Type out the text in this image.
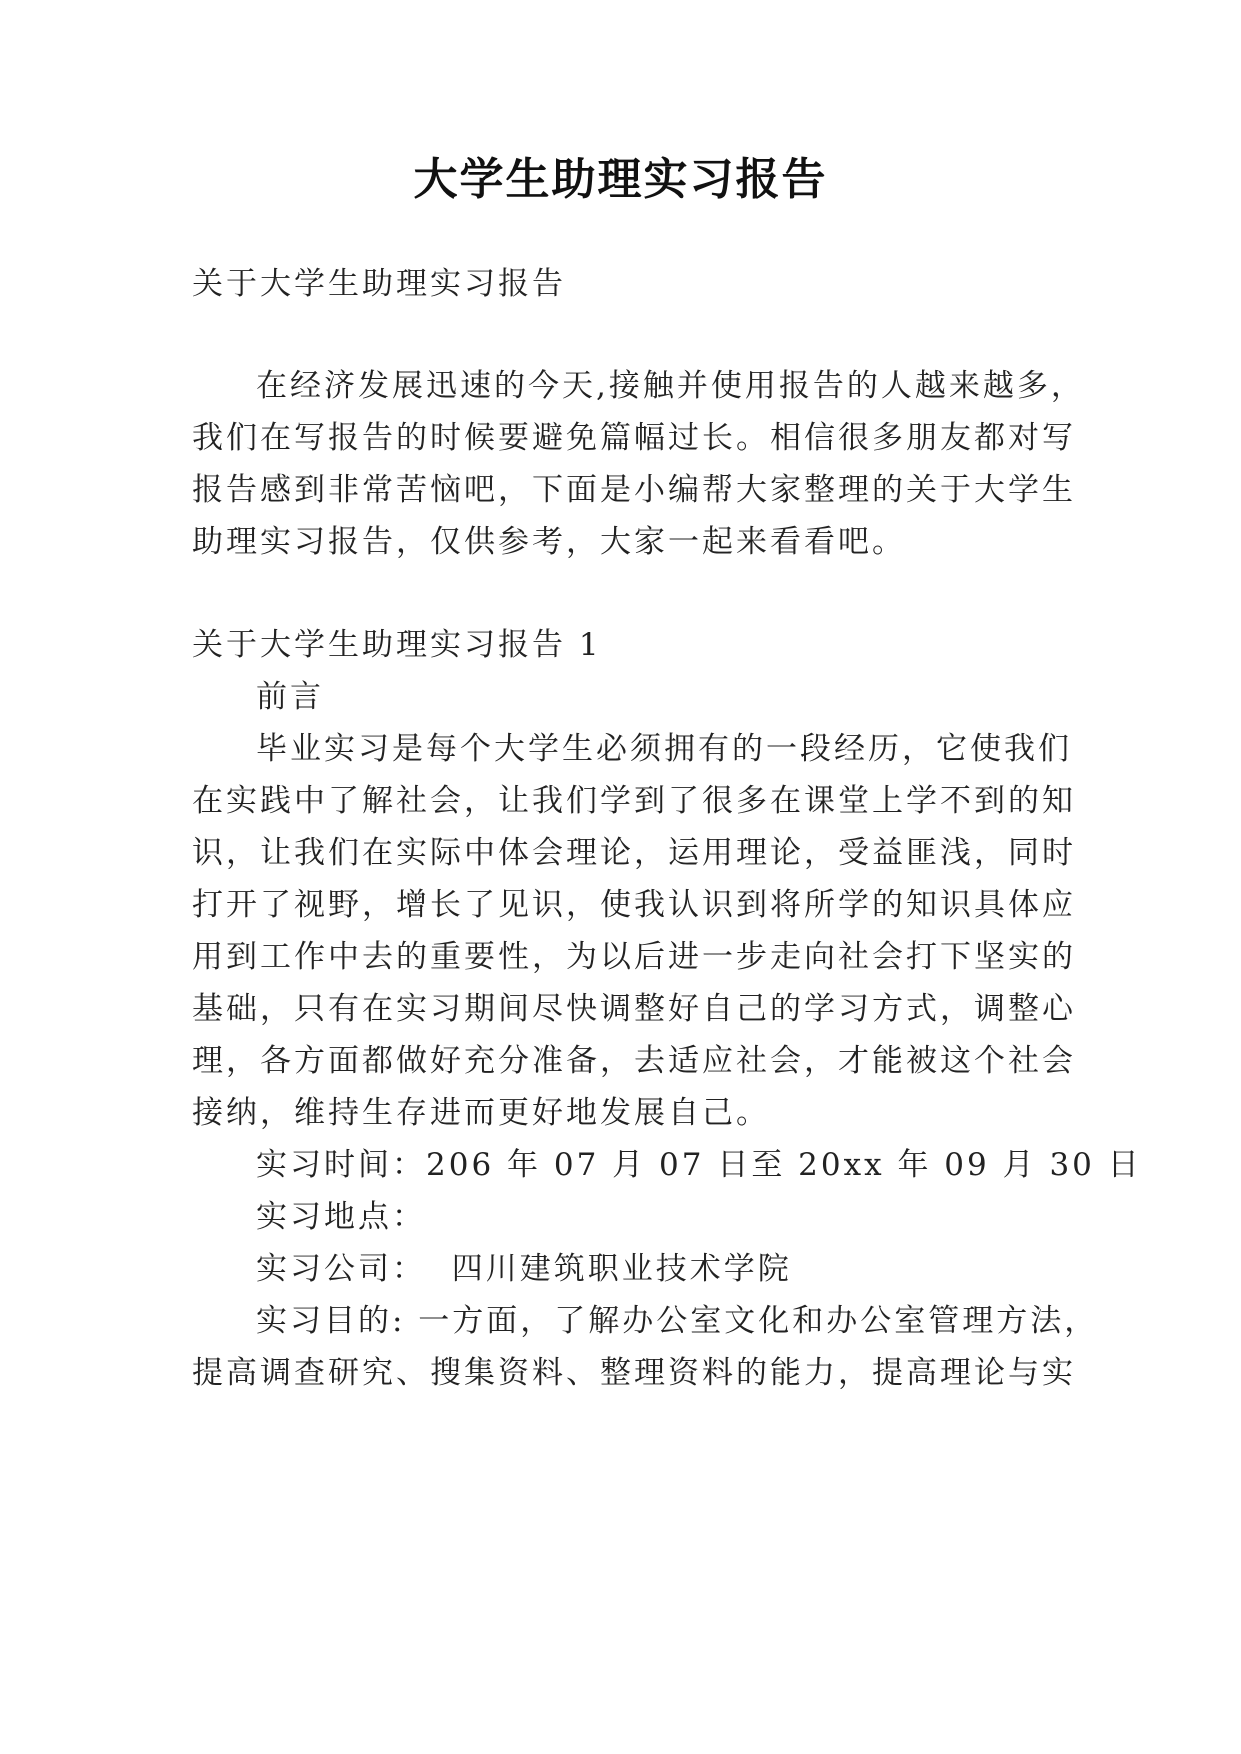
大学生助理实习报告
关于大学生助理实习报告
在经济发展迅速的今天,接触并使用报告的人越来越多，
我们在写报告的时候要避免篇幅过长。相信很多朋友都对写
报告感到非常苦恼吧，下面是小编帮大家整理的关于大学生
助理实习报告，仅供参考，大家一起来看看吧。
关于大学生助理实习报告 1
前言
毕业实习是每个大学生必须拥有的一段经历，它使我们
在实践中了解社会，让我们学到了很多在课堂上学不到的知
识，让我们在实际中体会理论，运用理论，受益匪浅，同时
打开了视野，增长了见识，使我认识到将所学的知识具体应
用到工作中去的重要性，为以后进一步走向社会打下坚实的
基础，只有在实习期间尽快调整好自己的学习方式，调整心
理，各方面都做好充分准备，去适应社会，才能被这个社会
接纳，维持生存进而更好地发展自己。
实习时间：206 年 07 月 07 日至 20xx 年 09 月 30 日
实习地点：
实习公司：  四川建筑职业技术学院
实习目的: 一方面，了解办公室文化和办公室管理方法，
提高调查研究、搜集资料、整理资料的能力，提高理论与实
